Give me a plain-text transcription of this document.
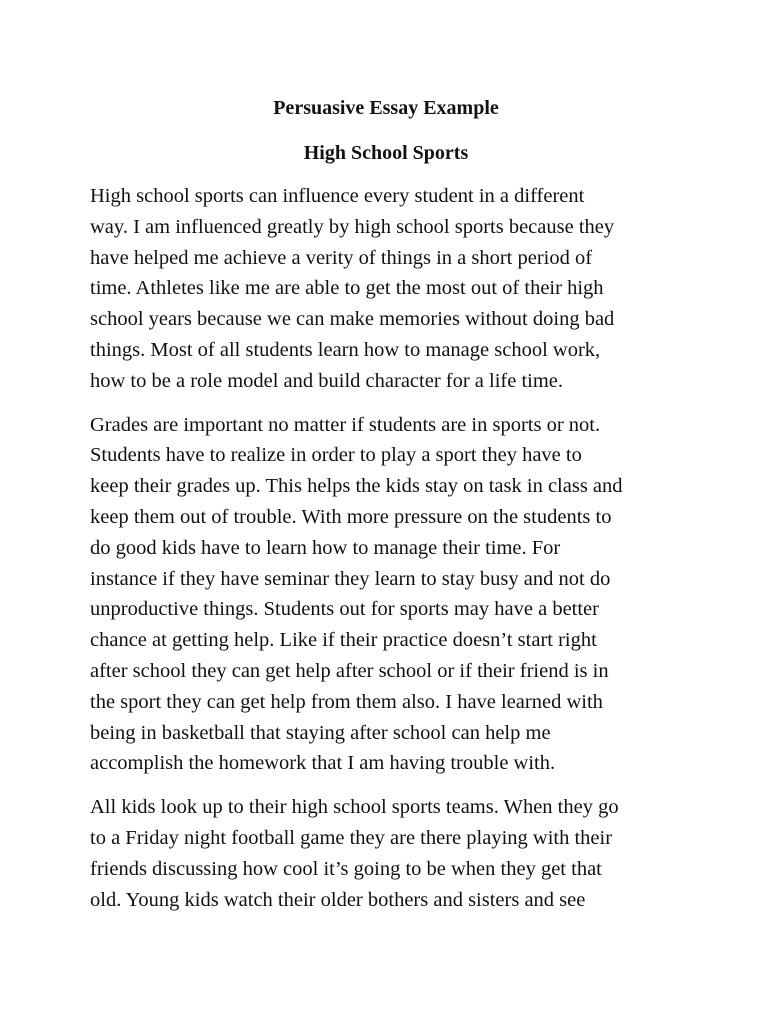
Persuasive Essay Example
High School Sports

High school sports can influence every student in a different
way. I am influenced greatly by high school sports because they
have helped me achieve a verity of things in a short period of
time. Athletes like me are able to get the most out of their high
school years because we can make memories without doing bad
things. Most of all students learn how to manage school work,
how to be a role model and build character for a life time.

Grades are important no matter if students are in sports or not.
Students have to realize in order to play a sport they have to
keep their grades up. This helps the kids stay on task in class and
keep them out of trouble. With more pressure on the students to
do good kids have to learn how to manage their time. For
instance if they have seminar they learn to stay busy and not do
unproductive things. Students out for sports may have a better
chance at getting help. Like if their practice doesn’t start right
after school they can get help after school or if their friend is in
the sport they can get help from them also. I have learned with
being in basketball that staying after school can help me
accomplish the homework that I am having trouble with.

All kids look up to their high school sports teams. When they go
to a Friday night football game they are there playing with their
friends discussing how cool it’s going to be when they get that
old. Young kids watch their older bothers and sisters and see
